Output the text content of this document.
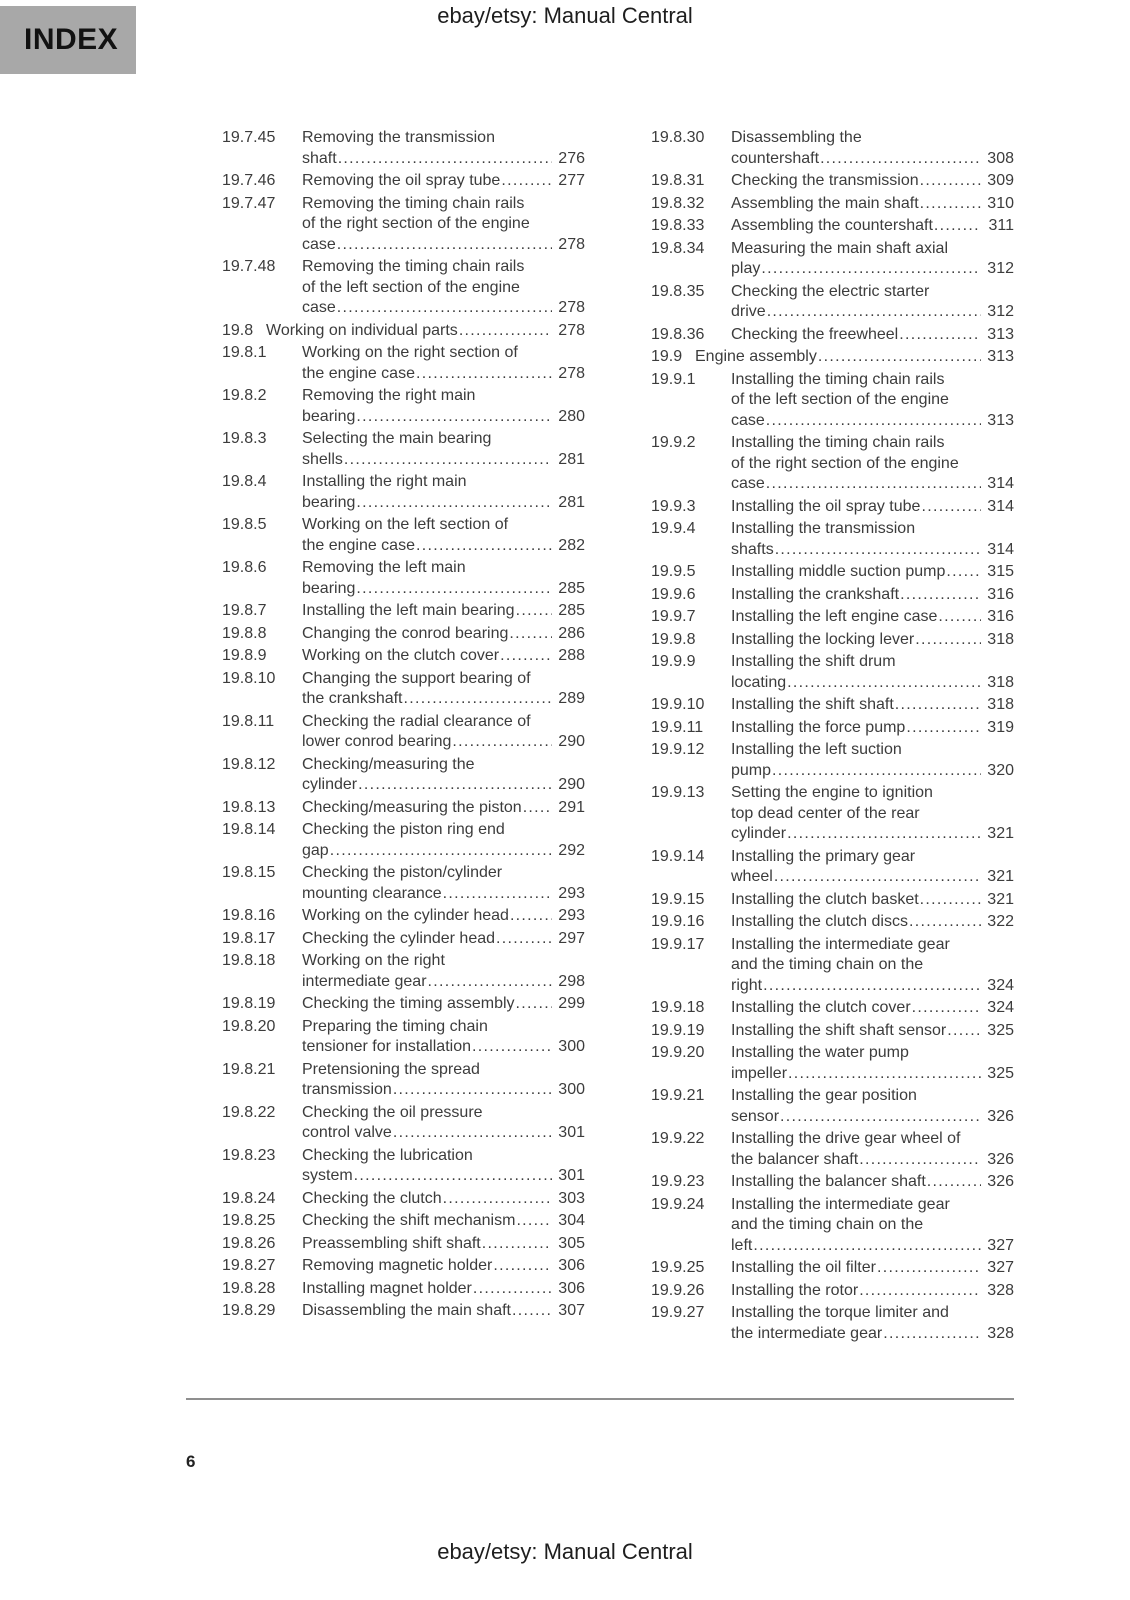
ebay/etsy: Manual Central
INDEX
19.7.45	Removing the transmission
shaft .....	276
19.7.46	Removing the oil spray tube .....	277
19.7.47	Removing the timing chain rails
of the right section of the engine
case .....	278
19.7.48	Removing the timing chain rails
of the left section of the engine
case .....	278
19.8 Working on individual parts .....	278
19.8.1	Working on the right section of
the engine case .....	278
19.8.2	Removing the right main
bearing .....	280
19.8.3	Selecting the main bearing
shells .....	281
19.8.4	Installing the right main
bearing .....	281
19.8.5	Working on the left section of
the engine case .....	282
19.8.6	Removing the left main
bearing .....	285
19.8.7	Installing the left main bearing .....	285
19.8.8	Changing the conrod bearing .....	286
19.8.9	Working on the clutch cover .....	288
19.8.10	Changing the support bearing of
the crankshaft .....	289
19.8.11	Checking the radial clearance of
lower conrod bearing .....	290
19.8.12	Checking/measuring the
cylinder .....	290
19.8.13	Checking/measuring the piston ..... 291
19.8.14	Checking the piston ring end
gap .....	292
19.8.15	Checking the piston/cylinder
mounting clearance .....	293
19.8.16	Working on the cylinder head .....	293
19.8.17	Checking the cylinder head .....	297
19.8.18	Working on the right
intermediate gear .....	298
19.8.19	Checking the timing assembly .....	299
19.8.20	Preparing the timing chain
tensioner for installation .....	300
19.8.21	Pretensioning the spread
transmission .....	300
19.8.22	Checking the oil pressure
control valve .....	301
19.8.23	Checking the lubrication
system .....	301
19.8.24	Checking the clutch .....	303
19.8.25	Checking the shift mechanism .....	304
19.8.26	Preassembling shift shaft .....	305
19.8.27	Removing magnetic holder .....	306
19.8.28	Installing magnet holder .....	306
19.8.29	Disassembling the main shaft .....	307
19.8.30	Disassembling the
countershaft .....	308
19.8.31	Checking the transmission .....	309
19.8.32	Assembling the main shaft .....	310
19.8.33	Assembling the countershaft .....	311
19.8.34	Measuring the main shaft axial
play .....	312
19.8.35	Checking the electric starter
drive .....	312
19.8.36	Checking the freewheel .....	313
19.9 Engine assembly .....	313
19.9.1	Installing the timing chain rails
of the left section of the engine
case .....	313
19.9.2	Installing the timing chain rails
of the right section of the engine
case .....	314
19.9.3	Installing the oil spray tube .....	314
19.9.4	Installing the transmission
shafts .....	314
19.9.5	Installing middle suction pump .....	315
19.9.6	Installing the crankshaft .....	316
19.9.7	Installing the left engine case .....	316
19.9.8	Installing the locking lever .....	318
19.9.9	Installing the shift drum
locating .....	318
19.9.10	Installing the shift shaft .....	318
19.9.11	Installing the force pump .....	319
19.9.12	Installing the left suction
pump .....	320
19.9.13	Setting the engine to ignition
top dead center of the rear
cylinder .....	321
19.9.14	Installing the primary gear
wheel .....	321
19.9.15	Installing the clutch basket .....	321
19.9.16	Installing the clutch discs .....	322
19.9.17	Installing the intermediate gear
and the timing chain on the
right .....	324
19.9.18	Installing the clutch cover .....	324
19.9.19	Installing the shift shaft sensor .....	325
19.9.20	Installing the water pump
impeller .....	325
19.9.21	Installing the gear position
sensor .....	326
19.9.22	Installing the drive gear wheel of
the balancer shaft .....	326
19.9.23	Installing the balancer shaft .....	326
19.9.24	Installing the intermediate gear
and the timing chain on the
left .....	327
19.9.25	Installing the oil filter .....	327
19.9.26	Installing the rotor .....	328
19.9.27	Installing the torque limiter and
the intermediate gear .....	328
6
ebay/etsy: Manual Central
